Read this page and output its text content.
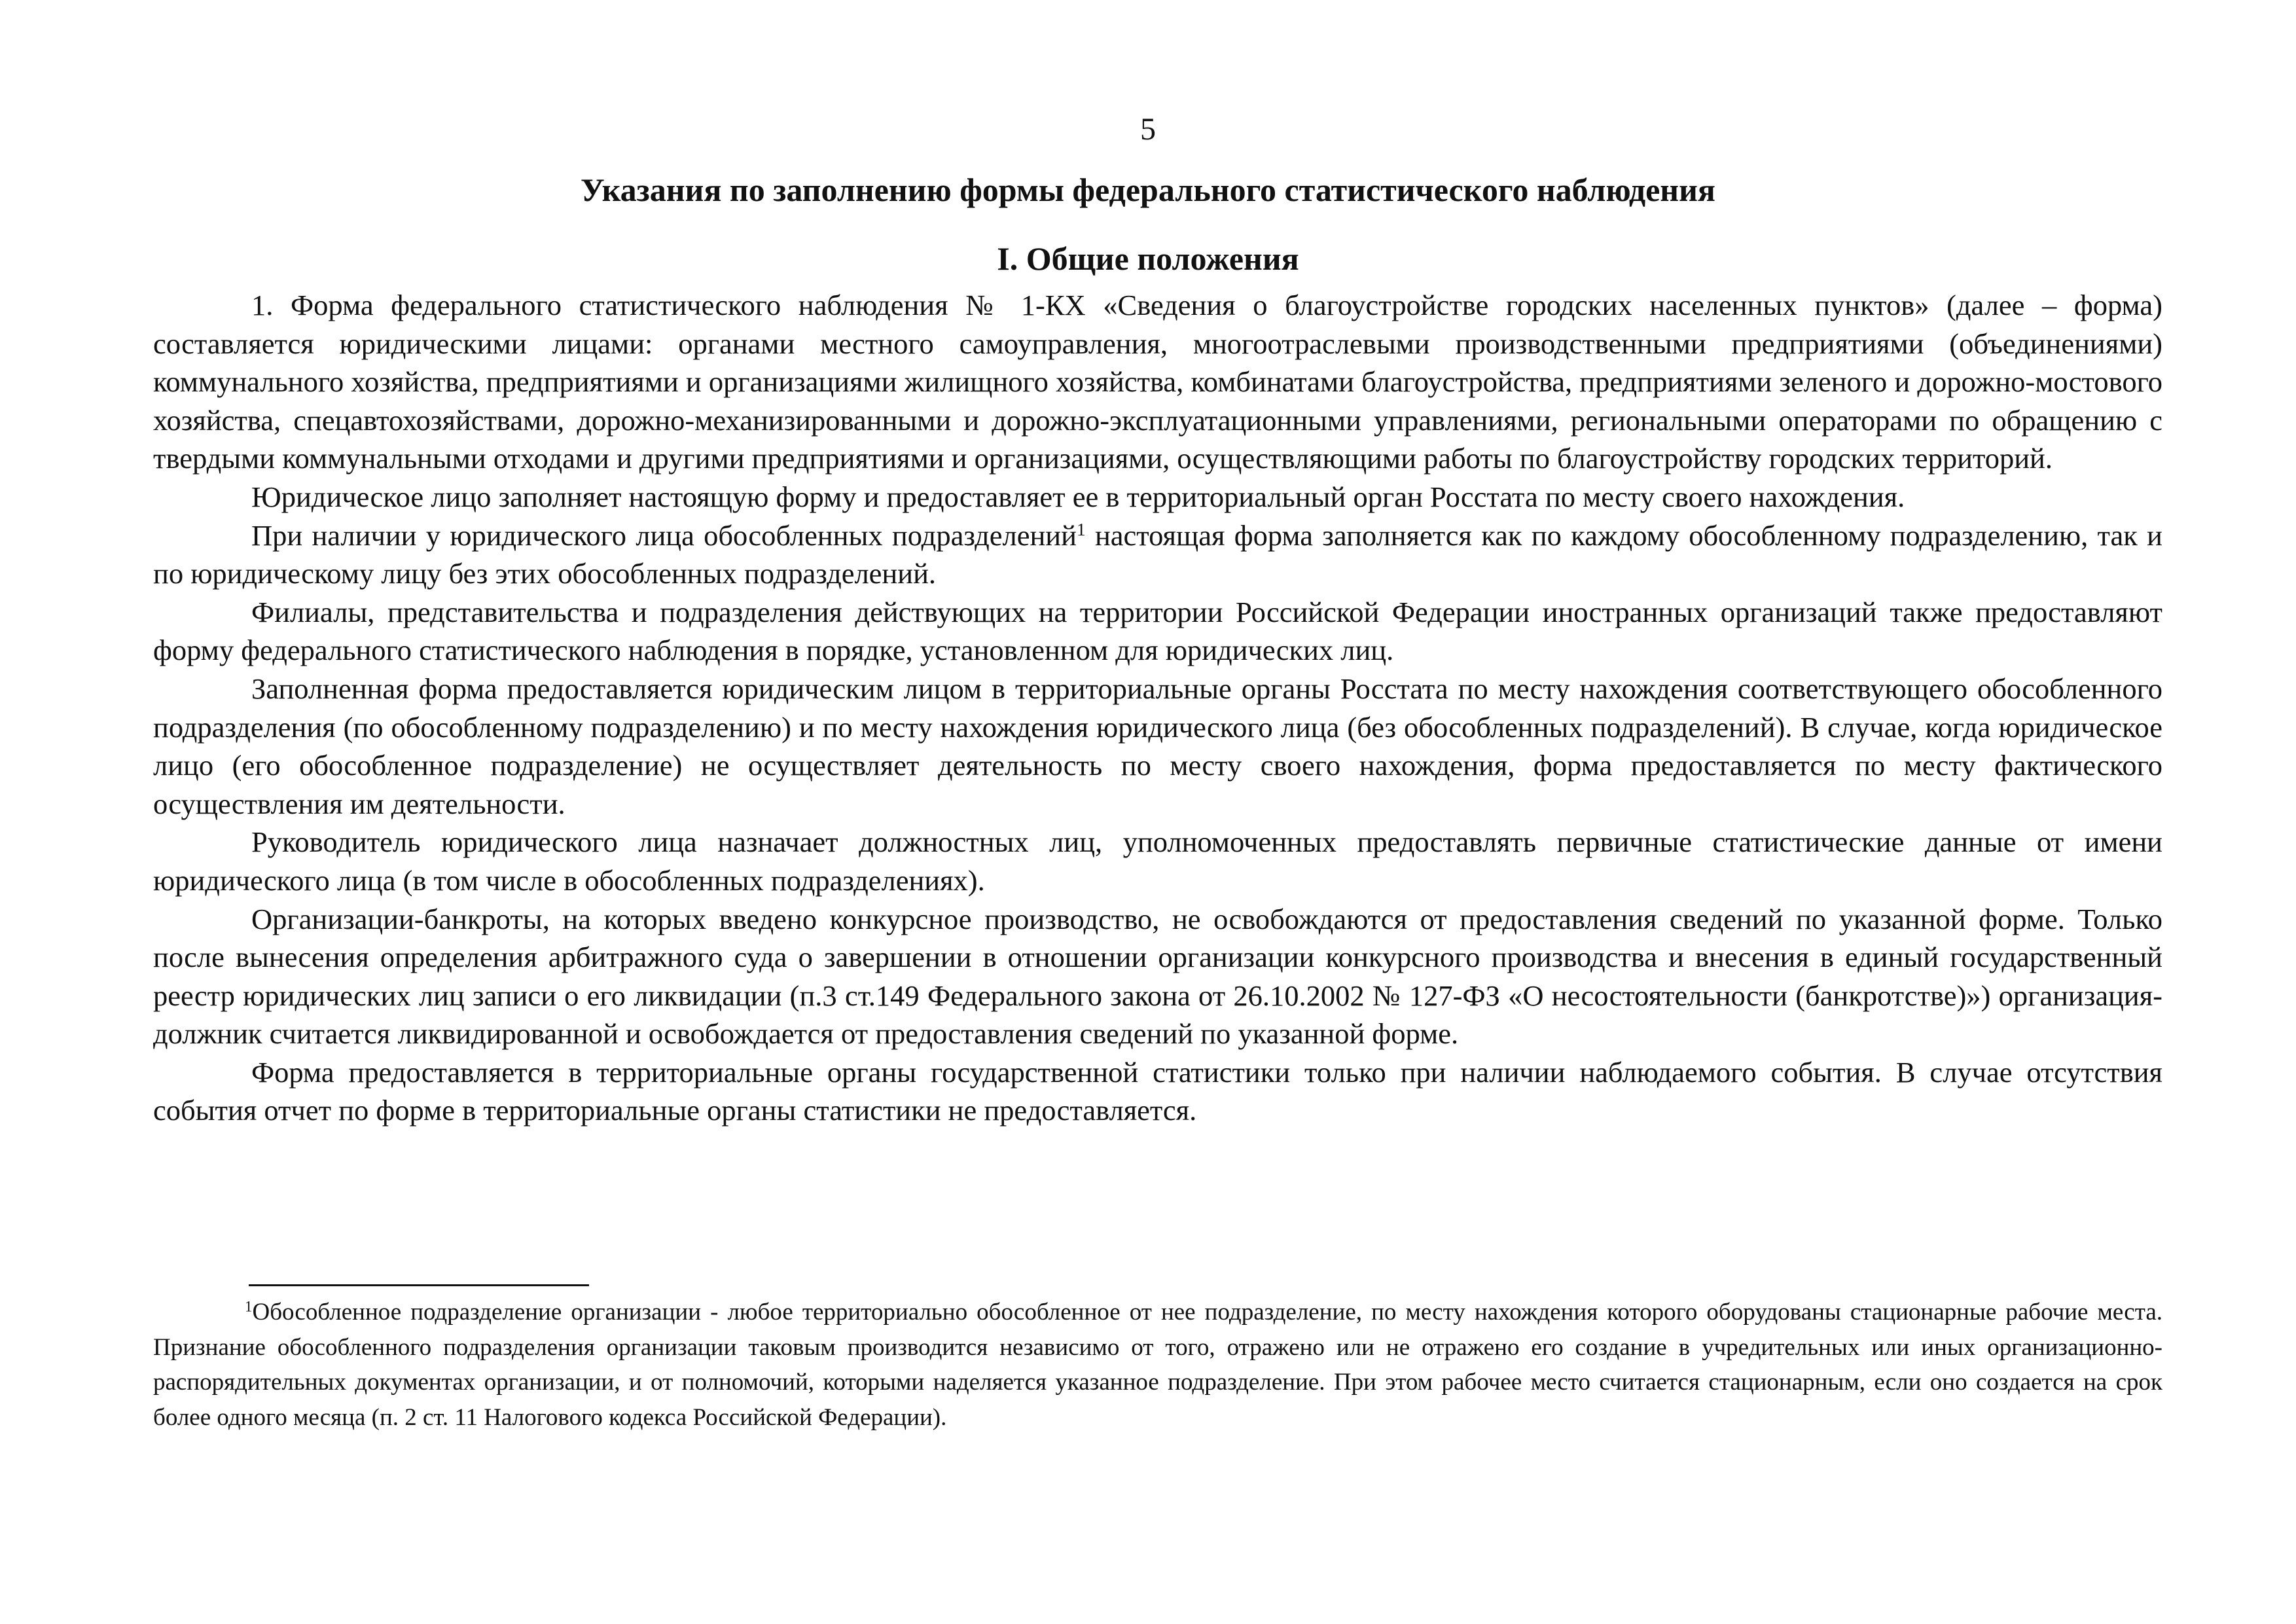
5
Указания по заполнению формы федерального статистического наблюдения
I. Общие положения

1. Форма федерального статистического наблюдения № 1-КХ «Сведения о благоустройстве городских населенных пунктов» (далее – форма) составляется юридическими лицами: органами местного самоуправления, многоотраслевыми производственными предприятиями (объединениями) коммунального хозяйства, предприятиями и организациями жилищного хозяйства, комбинатами благоустройства, предприятиями зеленого и дорожно-мостового хозяйства, спецавтохозяйствами, дорожно-механизированными и дорожно-эксплуатационными управлениями, региональными операторами по обращению с твердыми коммунальными отходами и другими предприятиями и организациями, осуществляющими работы по благоустройству городских территорий.

Юридическое лицо заполняет настоящую форму и предоставляет ее в территориальный орган Росстата по месту своего нахождения.

При наличии у юридического лица обособленных подразделений$^1$ настоящая форма заполняется как по каждому обособленному подразделению, так и по юридическому лицу без этих обособленных подразделений.

Филиалы, представительства и подразделения действующих на территории Российской Федерации иностранных организаций также предоставляют форму федерального статистического наблюдения в порядке, установленном для юридических лиц.

Заполненная форма предоставляется юридическим лицом в территориальные органы Росстата по месту нахождения соответствующего обособленного подразделения (по обособленному подразделению) и по месту нахождения юридического лица (без обособленных подразделений). В случае, когда юридическое лицо (его обособленное подразделение) не осуществляет деятельность по месту своего нахождения, форма предоставляется по месту фактического осуществления им деятельности.

Руководитель юридического лица назначает должностных лиц, уполномоченных предоставлять первичные статистические данные от имени юридического лица (в том числе в обособленных подразделениях).

Организации-банкроты, на которых введено конкурсное производство, не освобождаются от предоставления сведений по указанной форме. Только после вынесения определения арбитражного суда о завершении в отношении организации конкурсного производства и внесения в единый государственный реестр юридических лиц записи о его ликвидации (п.3 ст.149 Федерального закона от 26.10.2002 № 127-ФЗ «О несостоятельности (банкротстве)») организация-должник считается ликвидированной и освобождается от предоставления сведений по указанной форме.

Форма предоставляется в территориальные органы государственной статистики только при наличии наблюдаемого события. В случае отсутствия события отчет по форме в территориальные органы статистики не предоставляется.

$^1$Обособленное подразделение организации - любое территориально обособленное от нее подразделение, по месту нахождения которого оборудованы стационарные рабочие места. Признание обособленного подразделения организации таковым производится независимо от того, отражено или не отражено его создание в учредительных или иных организационно-распорядительных документах организации, и от полномочий, которыми наделяется указанное подразделение. При этом рабочее место считается стационарным, если оно создается на срок более одного месяца (п. 2 ст. 11 Налогового кодекса Российской Федерации).
